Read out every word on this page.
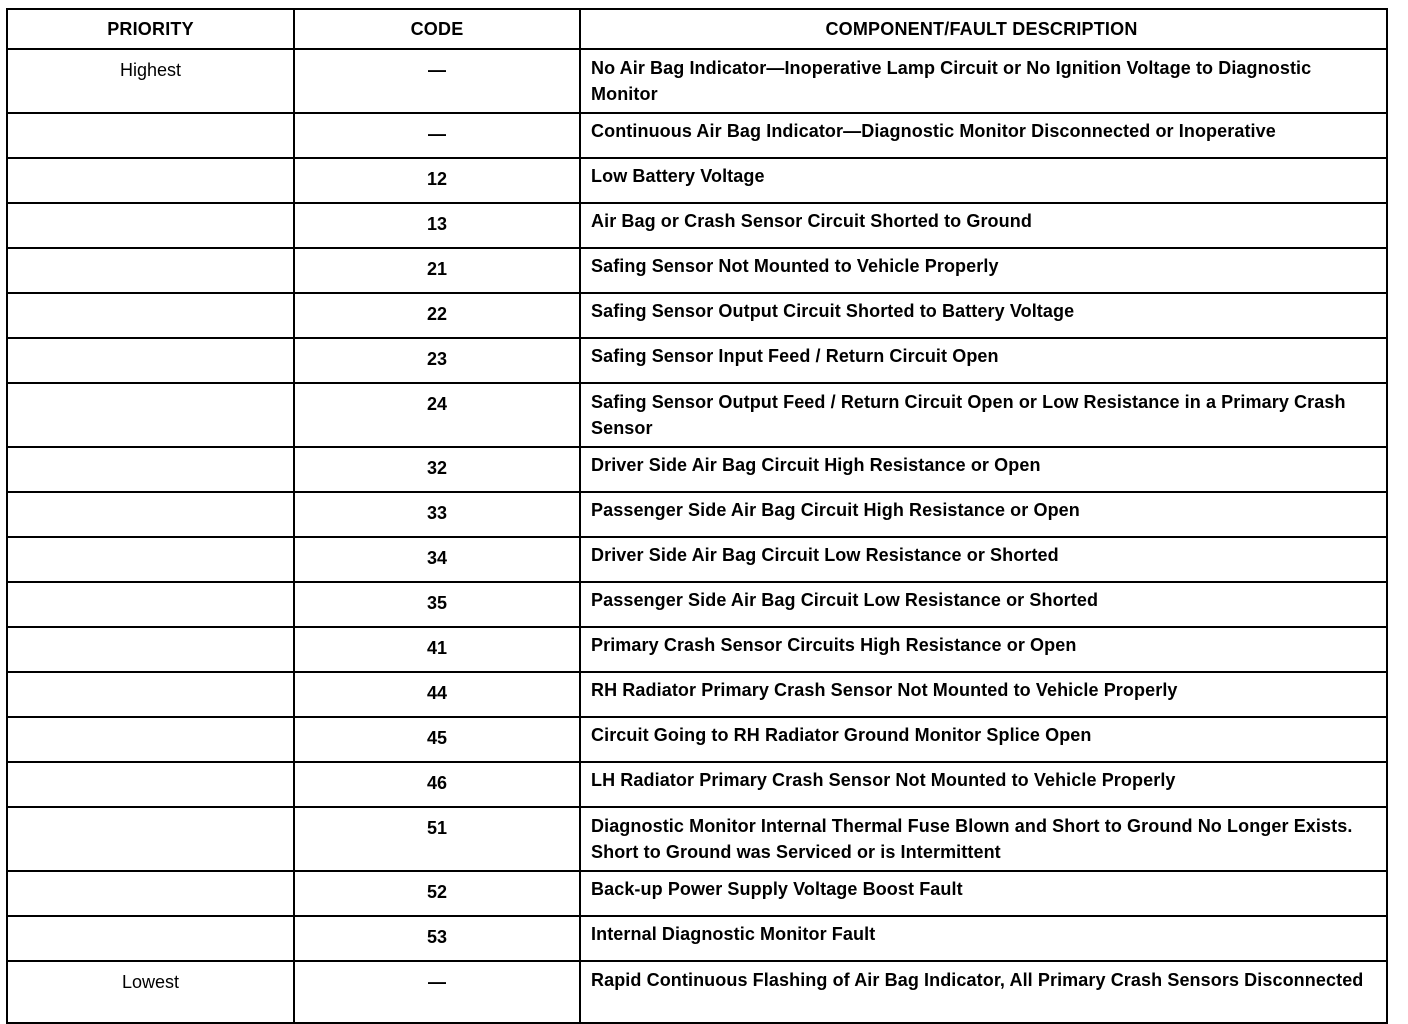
PRIORITY	CODE	COMPONENT/FAULT DESCRIPTION
Highest	—	No Air Bag Indicator—Inoperative Lamp Circuit or No Ignition Voltage to Diagnostic Monitor
	—	Continuous Air Bag Indicator—Diagnostic Monitor Disconnected or Inoperative
	12	Low Battery Voltage
	13	Air Bag or Crash Sensor Circuit Shorted to Ground
	21	Safing Sensor Not Mounted to Vehicle Properly
	22	Safing Sensor Output Circuit Shorted to Battery Voltage
	23	Safing Sensor Input Feed / Return Circuit Open
	24	Safing Sensor Output Feed / Return Circuit Open or Low Resistance in a Primary Crash Sensor
	32	Driver Side Air Bag Circuit High Resistance or Open
	33	Passenger Side Air Bag Circuit High Resistance or Open
	34	Driver Side Air Bag Circuit Low Resistance or Shorted
	35	Passenger Side Air Bag Circuit Low Resistance or Shorted
	41	Primary Crash Sensor Circuits High Resistance or Open
	44	RH Radiator Primary Crash Sensor Not Mounted to Vehicle Properly
	45	Circuit Going to RH Radiator Ground Monitor Splice Open
	46	LH Radiator Primary Crash Sensor Not Mounted to Vehicle Properly
	51	Diagnostic Monitor Internal Thermal Fuse Blown and Short to Ground No Longer Exists. Short to Ground was Serviced or is Intermittent
	52	Back-up Power Supply Voltage Boost Fault
	53	Internal Diagnostic Monitor Fault
Lowest	—	Rapid Continuous Flashing of Air Bag Indicator, All Primary Crash Sensors Disconnected
